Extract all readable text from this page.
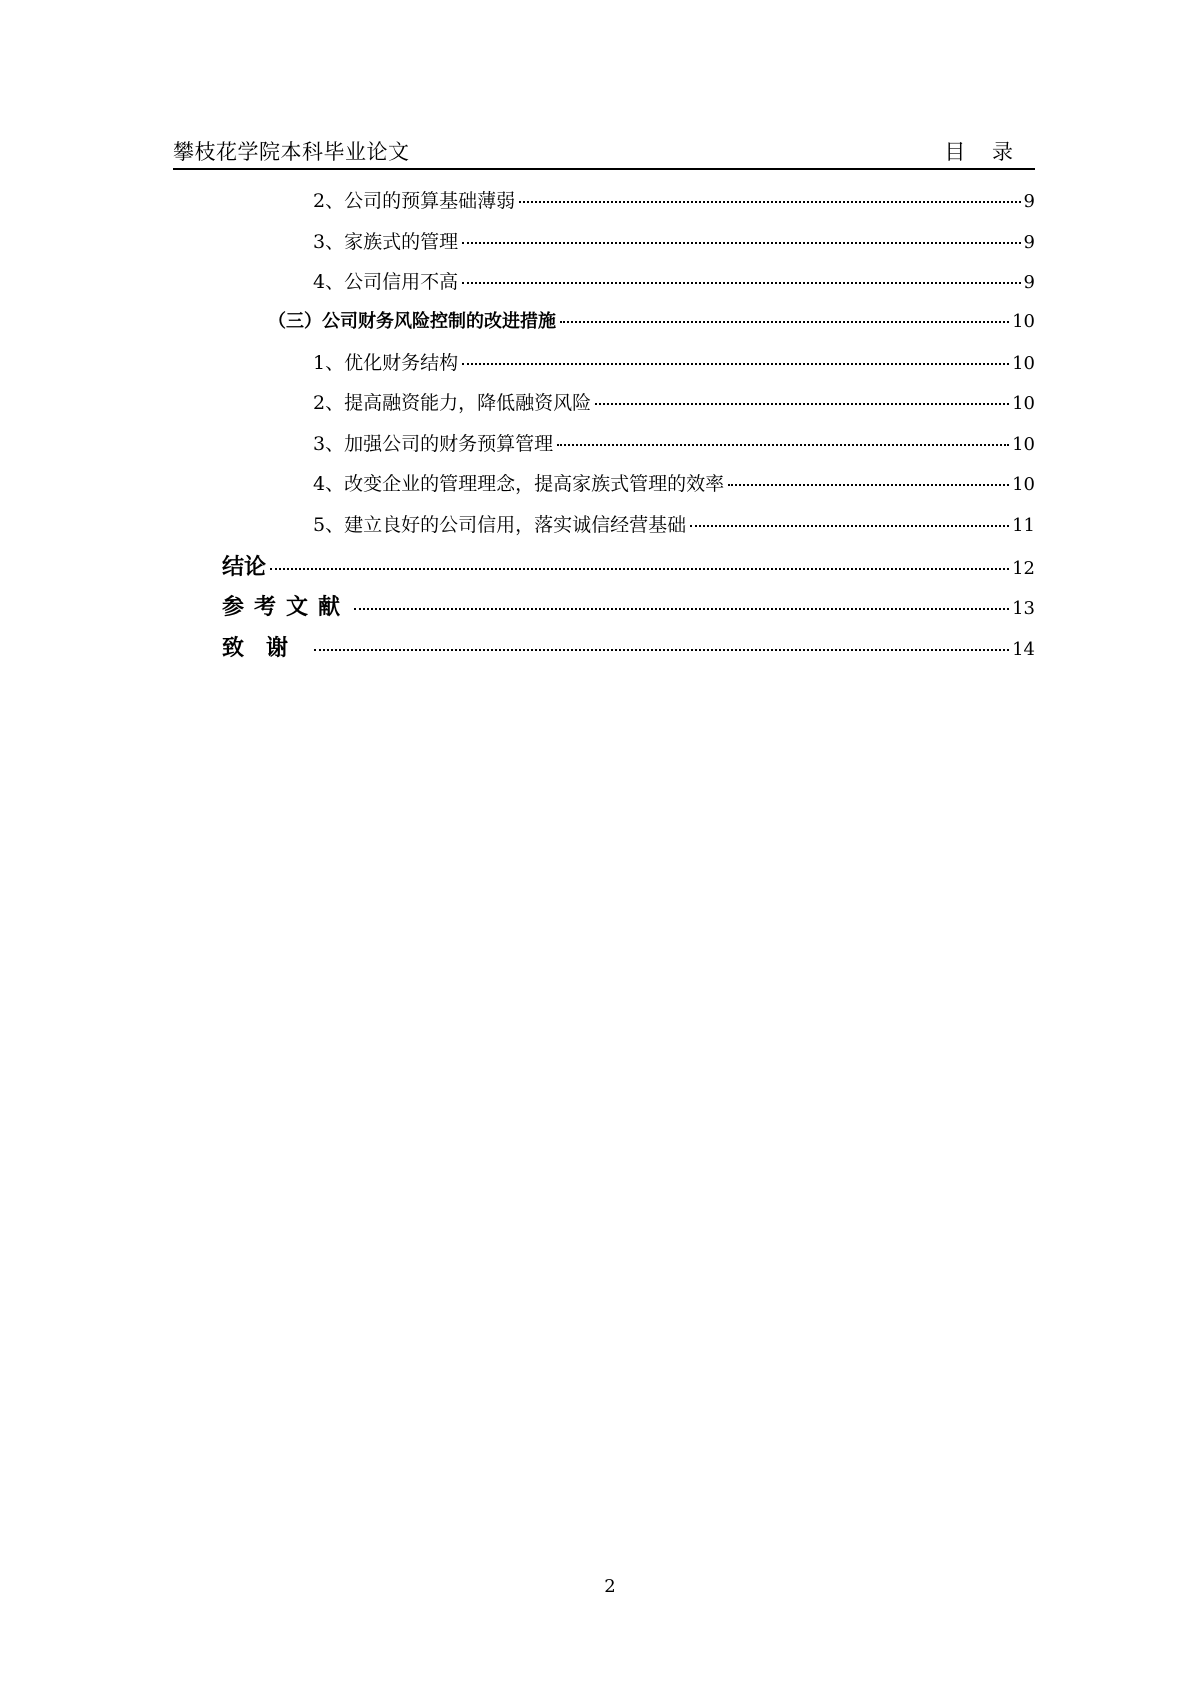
攀枝花学院本科毕业论文	目 录
2、公司的预算基础薄弱	9
3、家族式的管理	9
4、公司信用不高	9
（三）公司财务风险控制的改进措施	10
1、优化财务结构	10
2、提高融资能力，降低融资风险	10
3、加强公司的财务预算管理	10
4、改变企业的管理理念，提高家族式管理的效率	10
5、建立良好的公司信用，落实诚信经营基础	11
结论	12
参考文献	13
致谢	14
2
